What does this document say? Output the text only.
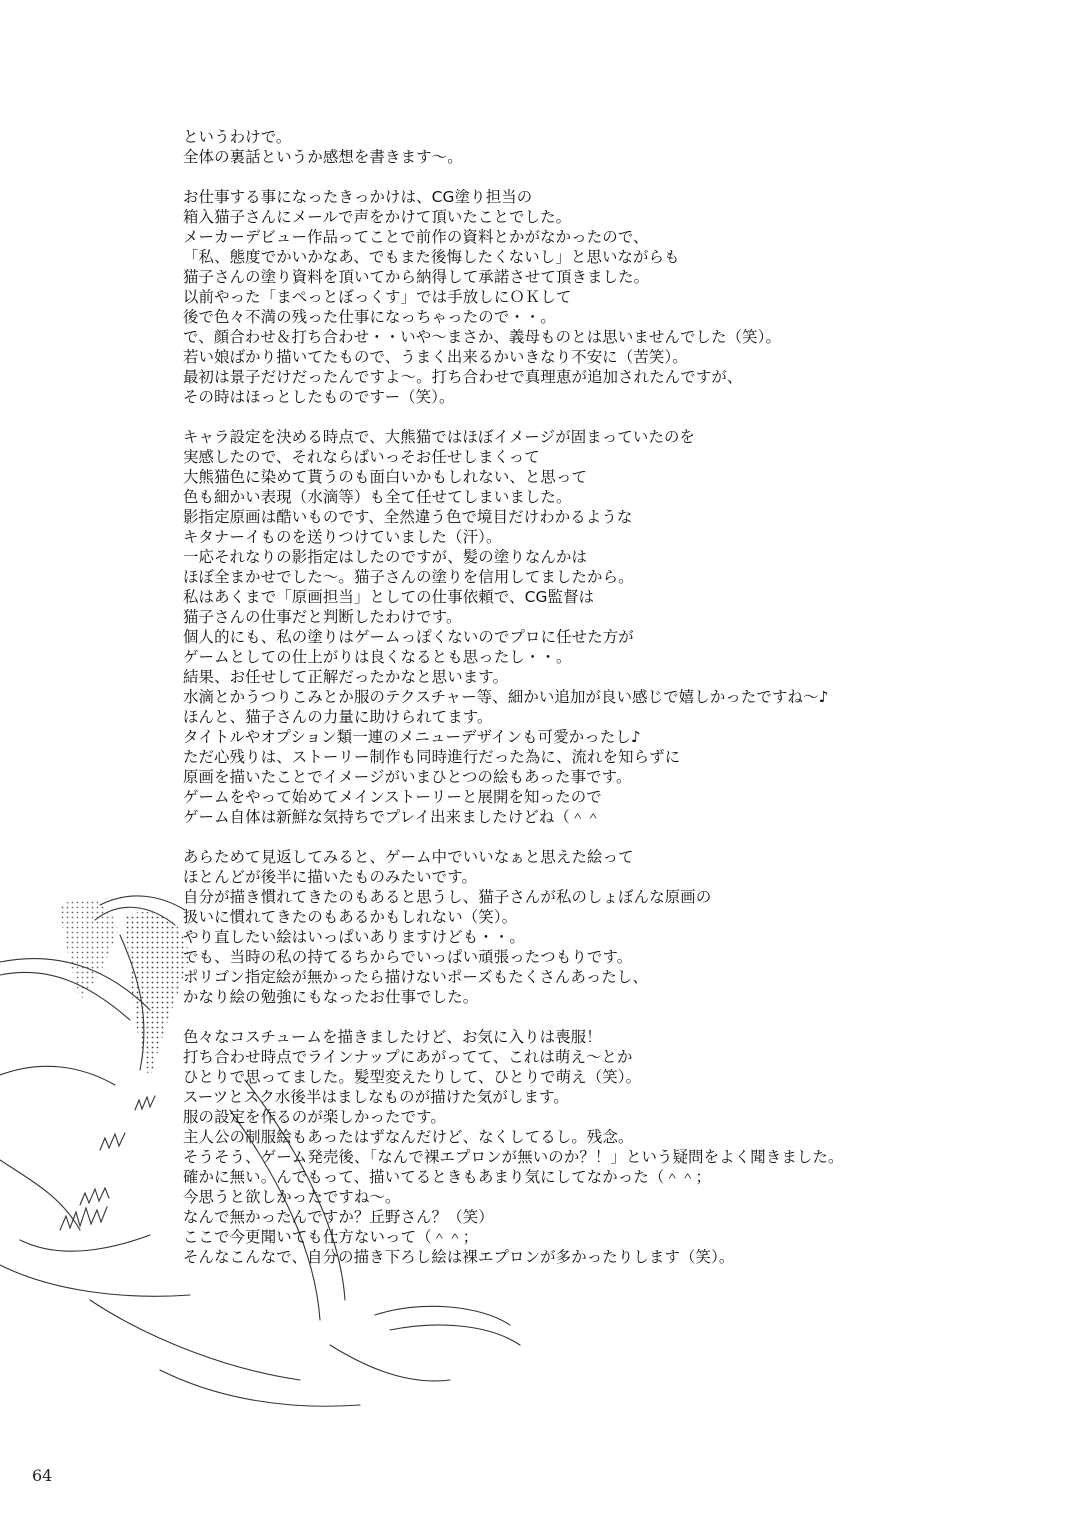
というわけで。
全体の裏話というか感想を書きます～。
お仕事する事になったきっかけは、CG塗り担当の
箱入猫子さんにメールで声をかけて頂いたことでした。
メーカーデビュー作品ってことで前作の資料とかがなかったので、
「私、態度でかいかなあ、でもまた後悔したくないし」と思いながらも
猫子さんの塗り資料を頂いてから納得して承諾させて頂きました。
以前やった「まぺっとぼっくす」では手放しにＯＫして
後で色々不満の残った仕事になっちゃったので・・。
で、顔合わせ＆打ち合わせ・・いや～まさか、義母ものとは思いませんでした（笑）。
若い娘ばかり描いてたもので、うまく出来るかいきなり不安に（苦笑）。
最初は景子だけだったんですよ～。打ち合わせで真理恵が追加されたんですが、
その時はほっとしたものですー（笑）。
キャラ設定を決める時点で、大熊猫ではほぼイメージが固まっていたのを
実感したので、それならばいっそお任せしまくって
大熊猫色に染めて貰うのも面白いかもしれない、と思って
色も細かい表現（水滴等）も全て任せてしまいました。
影指定原画は酷いものです、全然違う色で境目だけわかるような
キタナーイものを送りつけていました（汗）。
一応それなりの影指定はしたのですが、髪の塗りなんかは
ほぼ全まかせでした～。猫子さんの塗りを信用してましたから。
私はあくまで「原画担当」としての仕事依頼で、CG監督は
猫子さんの仕事だと判断したわけです。
個人的にも、私の塗りはゲームっぽくないのでプロに任せた方が
ゲームとしての仕上がりは良くなるとも思ったし・・。
結果、お任せして正解だったかなと思います。
水滴とかうつりこみとか服のテクスチャー等、細かい追加が良い感じで嬉しかったですね～♪
ほんと、猫子さんの力量に助けられてます。
タイトルやオプション類一連のメニューデザインも可愛かったし♪
ただ心残りは、ストーリー制作も同時進行だった為に、流れを知らずに
原画を描いたことでイメージがいまひとつの絵もあった事です。
ゲームをやって始めてメインストーリーと展開を知ったので
ゲーム自体は新鮮な気持ちでプレイ出来ましたけどね（＾＾
あらためて見返してみると、ゲーム中でいいなぁと思えた絵って
ほとんどが後半に描いたものみたいです。
自分が描き慣れてきたのもあると思うし、猫子さんが私のしょぼんな原画の
扱いに慣れてきたのもあるかもしれない（笑）。
やり直したい絵はいっぱいありますけども・・。
でも、当時の私の持てるちからでいっぱい頑張ったつもりです。
ポリゴン指定絵が無かったら描けないポーズもたくさんあったし、
かなり絵の勉強にもなったお仕事でした。
色々なコスチュームを描きましたけど、お気に入りは喪服！
打ち合わせ時点でラインナップにあがってて、これは萌え～とか
ひとりで思ってました。髪型変えたりして、ひとりで萌え（笑）。
スーツとスク水後半はましなものが描けた気がします。
服の設定を作るのが楽しかったです。
主人公の制服絵もあったはずなんだけど、なくしてるし。残念。
そうそう、ゲーム発売後、「なんで裸エプロンが無いのか？！」という疑問をよく聞きました。
確かに無い。んでもって、描いてるときもあまり気にしてなかった（＾＾；
今思うと欲しかったですね～。
なんで無かったんですか？丘野さん？（笑）
ここで今更聞いても仕方ないって（＾＾；
そんなこんなで、自分の描き下ろし絵は裸エプロンが多かったりします（笑）。
64
